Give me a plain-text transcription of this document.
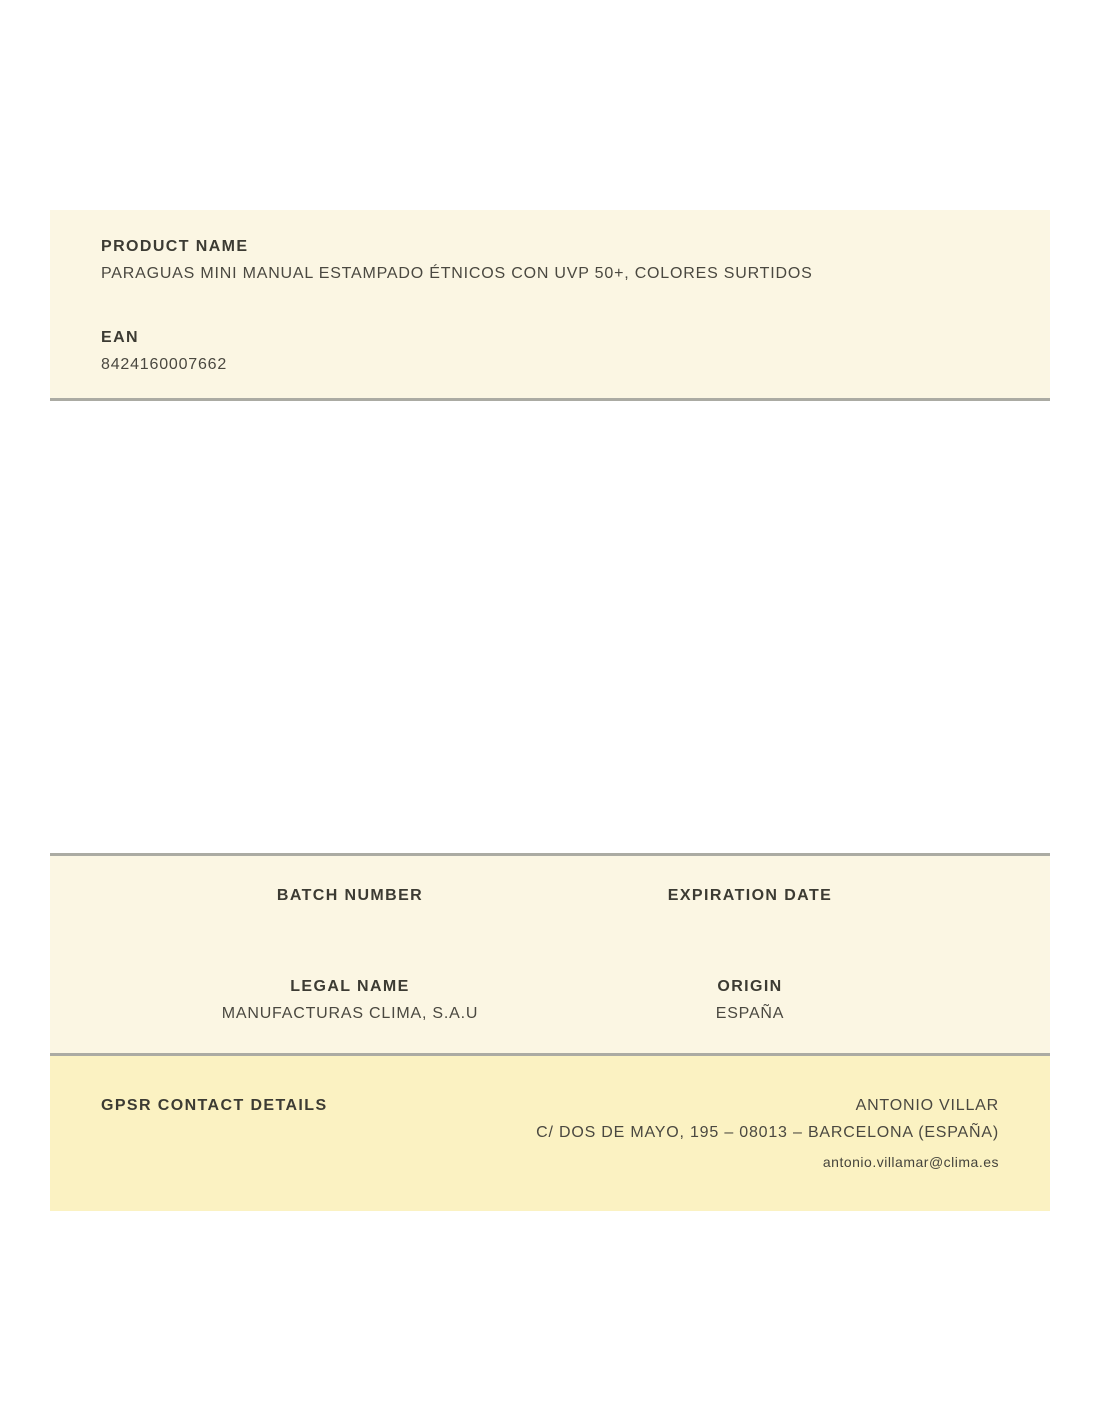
PRODUCT NAME
PARAGUAS MINI MANUAL ESTAMPADO ÉTNICOS CON UVP 50+, COLORES SURTIDOS
EAN
8424160007662
BATCH NUMBER	EXPIRATION DATE
LEGAL NAME
MANUFACTURAS CLIMA, S.A.U
ORIGIN
ESPAÑA
GPSR CONTACT DETAILS	ANTONIO VILLAR
C/ DOS DE MAYO, 195 – 08013 – BARCELONA (ESPAÑA)
antonio.villamar@clima.es
